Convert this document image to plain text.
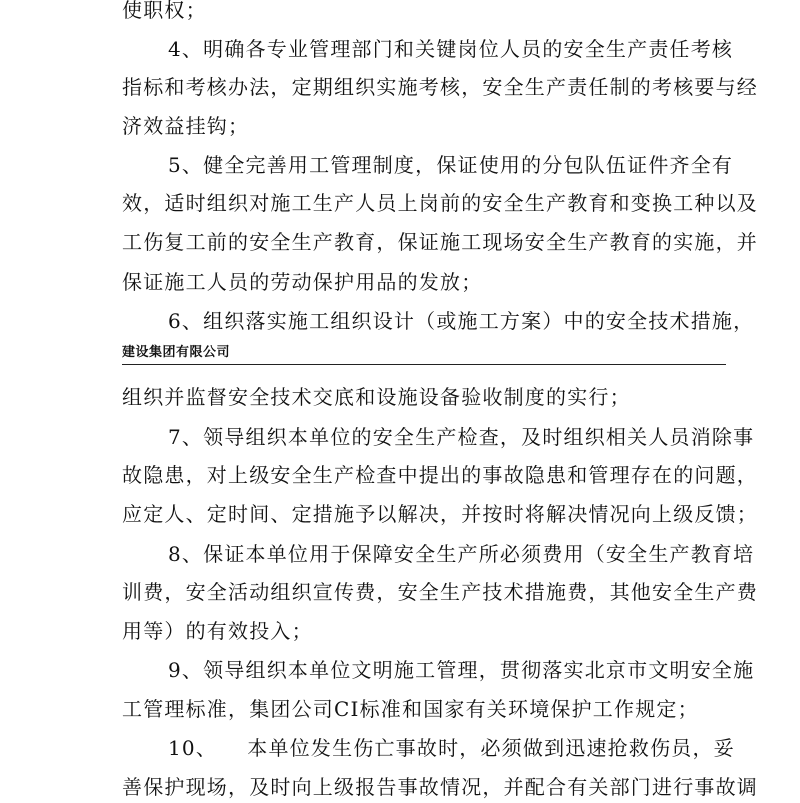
使职权；
4、明确各专业管理部门和关键岗位人员的安全生产责任考核
指标和考核办法，定期组织实施考核，安全生产责任制的考核要与经
济效益挂钩；
5、健全完善用工管理制度，保证使用的分包队伍证件齐全有
效，适时组织对施工生产人员上岗前的安全生产教育和变换工种以及
工伤复工前的安全生产教育，保证施工现场安全生产教育的实施，并
保证施工人员的劳动保护用品的发放；
6、组织落实施工组织设计（或施工方案）中的安全技术措施，
建设集团有限公司
组织并监督安全技术交底和设施设备验收制度的实行；
7、领导组织本单位的安全生产检查，及时组织相关人员消除事
故隐患，对上级安全生产检查中提出的事故隐患和管理存在的问题，
应定人、定时间、定措施予以解决，并按时将解决情况向上级反馈；
8、保证本单位用于保障安全生产所必须费用（安全生产教育培
训费，安全活动组织宣传费，安全生产技术措施费，其他安全生产费
用等）的有效投入；
9、领导组织本单位文明施工管理，贯彻落实北京市文明安全施
工管理标准，集团公司CI标准和国家有关环境保护工作规定；
10、    本单位发生伤亡事故时，必须做到迅速抢救伤员，妥
善保护现场，及时向上级报告事故情况，并配合有关部门进行事故调
